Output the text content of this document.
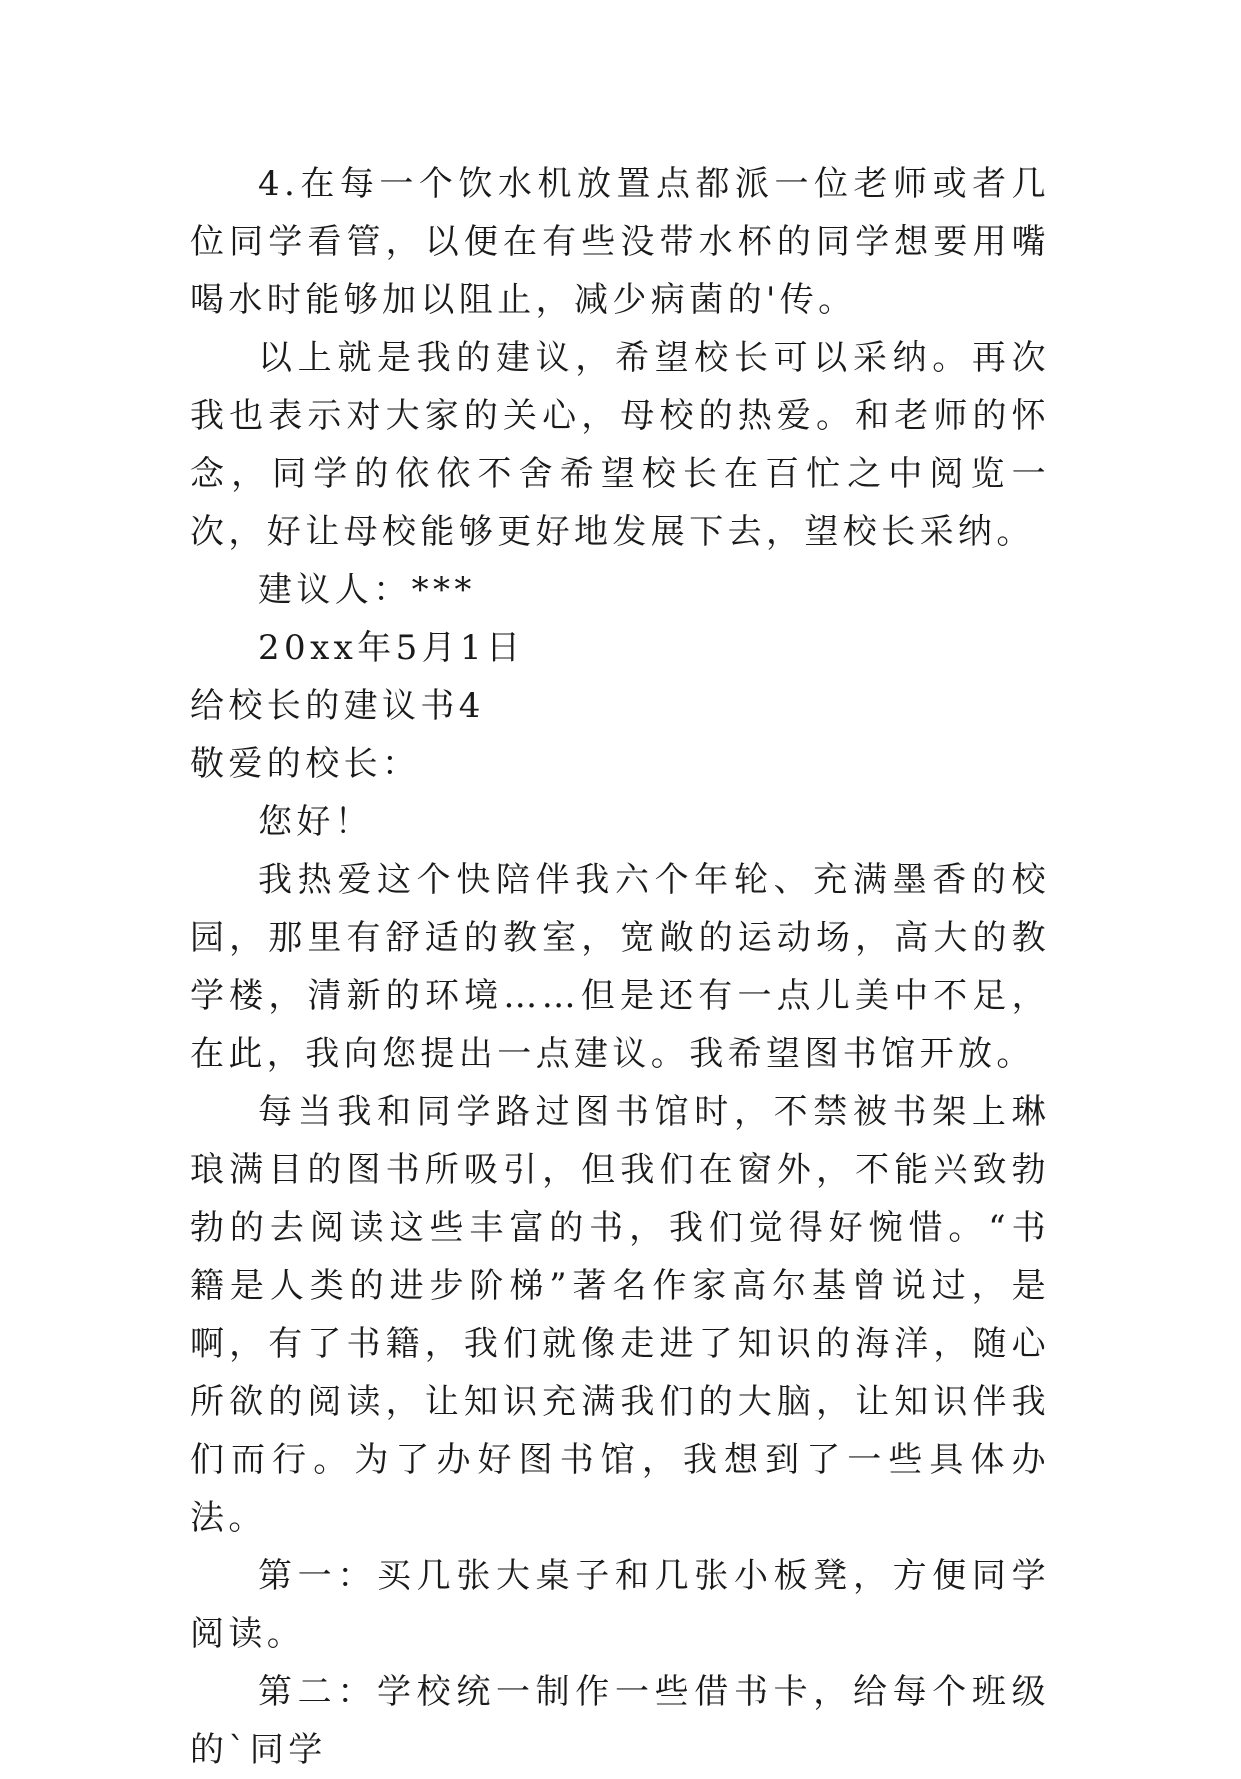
4.在每一个饮水机放置点都派一位老师或者几位同学看管，以便在有些没带水杯的同学想要用嘴喝水时能够加以阻止，减少病菌的'传。

以上就是我的建议，希望校长可以采纳。再次我也表示对大家的关心，母校的热爱。和老师的怀念，同学的依依不舍希望校长在百忙之中阅览一次，好让母校能够更好地发展下去，望校长采纳。

建议人：***

20xx年5月1日

给校长的建议书4

敬爱的校长：

您好！

我热爱这个快陪伴我六个年轮、充满墨香的校园，那里有舒适的教室，宽敞的运动场，高大的教学楼，清新的环境……但是还有一点儿美中不足，在此，我向您提出一点建议。我希望图书馆开放。

每当我和同学路过图书馆时，不禁被书架上琳琅满目的图书所吸引，但我们在窗外，不能兴致勃勃的去阅读这些丰富的书，我们觉得好惋惜。“书籍是人类的进步阶梯”著名作家高尔基曾说过，是啊，有了书籍，我们就像走进了知识的海洋，随心所欲的阅读，让知识充满我们的大脑，让知识伴我们而行。为了办好图书馆，我想到了一些具体办法。

第一：买几张大桌子和几张小板凳，方便同学阅读。

第二：学校统一制作一些借书卡，给每个班级的`同学
